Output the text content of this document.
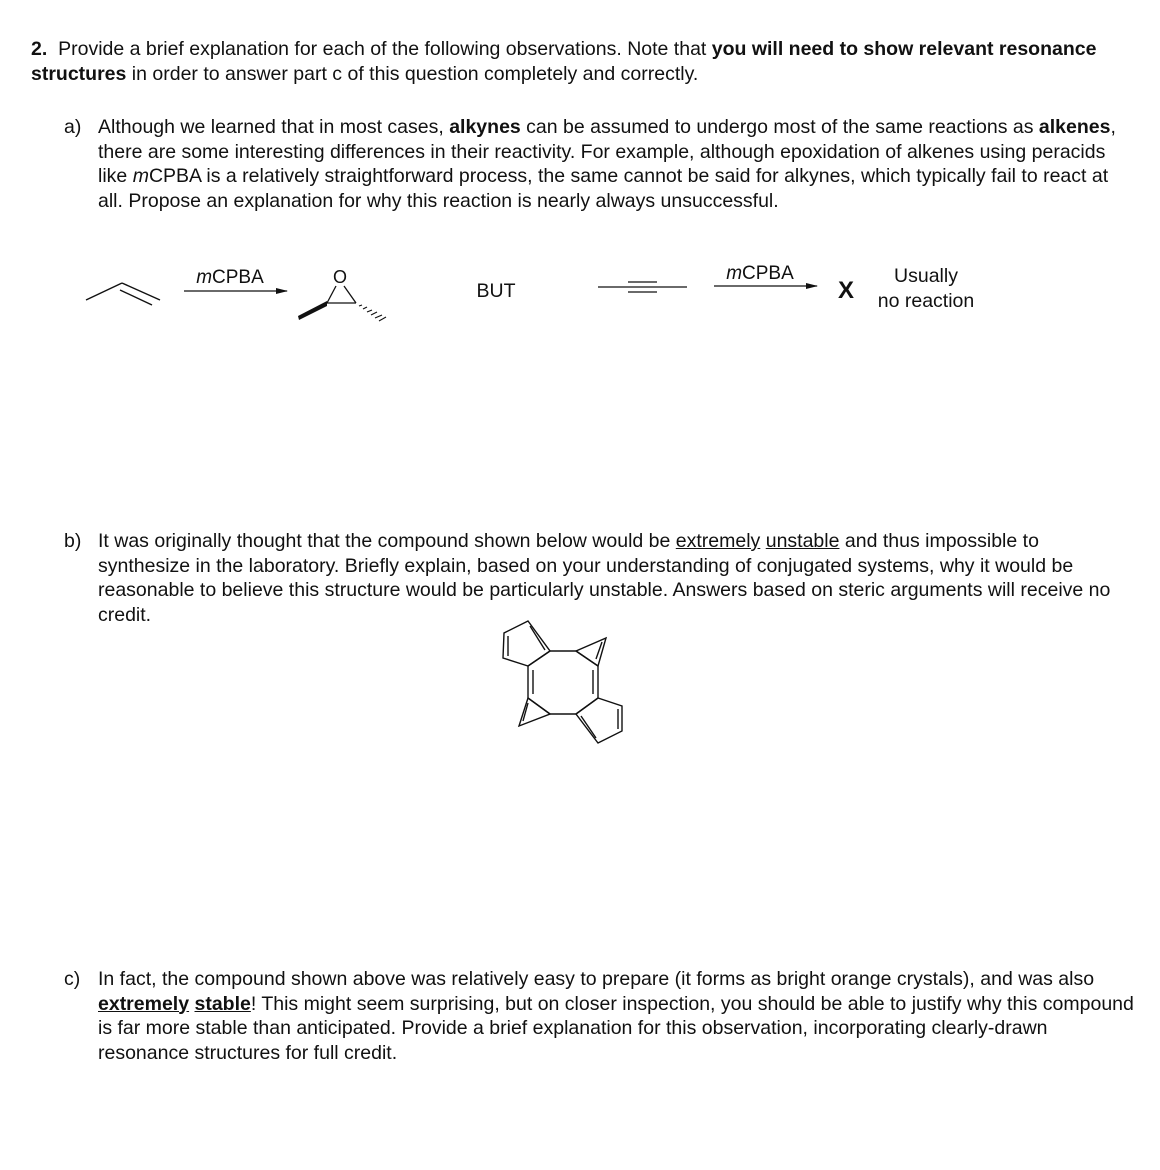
2. Provide a brief explanation for each of the following observations. Note that you will need to show relevant resonance structures in order to answer part c of this question completely and correctly.
a) Although we learned that in most cases, alkynes can be assumed to undergo most of the same reactions as alkenes, there are some interesting differences in their reactivity. For example, although epoxidation of alkenes using peracids like mCPBA is a relatively straightforward process, the same cannot be said for alkynes, which typically fail to react at all. Propose an explanation for why this reaction is nearly always unsuccessful.
b) It was originally thought that the compound shown below would be extremely unstable and thus impossible to synthesize in the laboratory. Briefly explain, based on your understanding of conjugated systems, why it would be reasonable to believe this structure would be particularly unstable. Answers based on steric arguments will receive no credit.
c) In fact, the compound shown above was relatively easy to prepare (it forms as bright orange crystals), and was also extremely stable! This might seem surprising, but on closer inspection, you should be able to justify why this compound is far more stable than anticipated. Provide a brief explanation for this observation, incorporating clearly-drawn resonance structures for full credit.
mCPBA	O
BUT
mCPBA
X
Usually
no reaction
